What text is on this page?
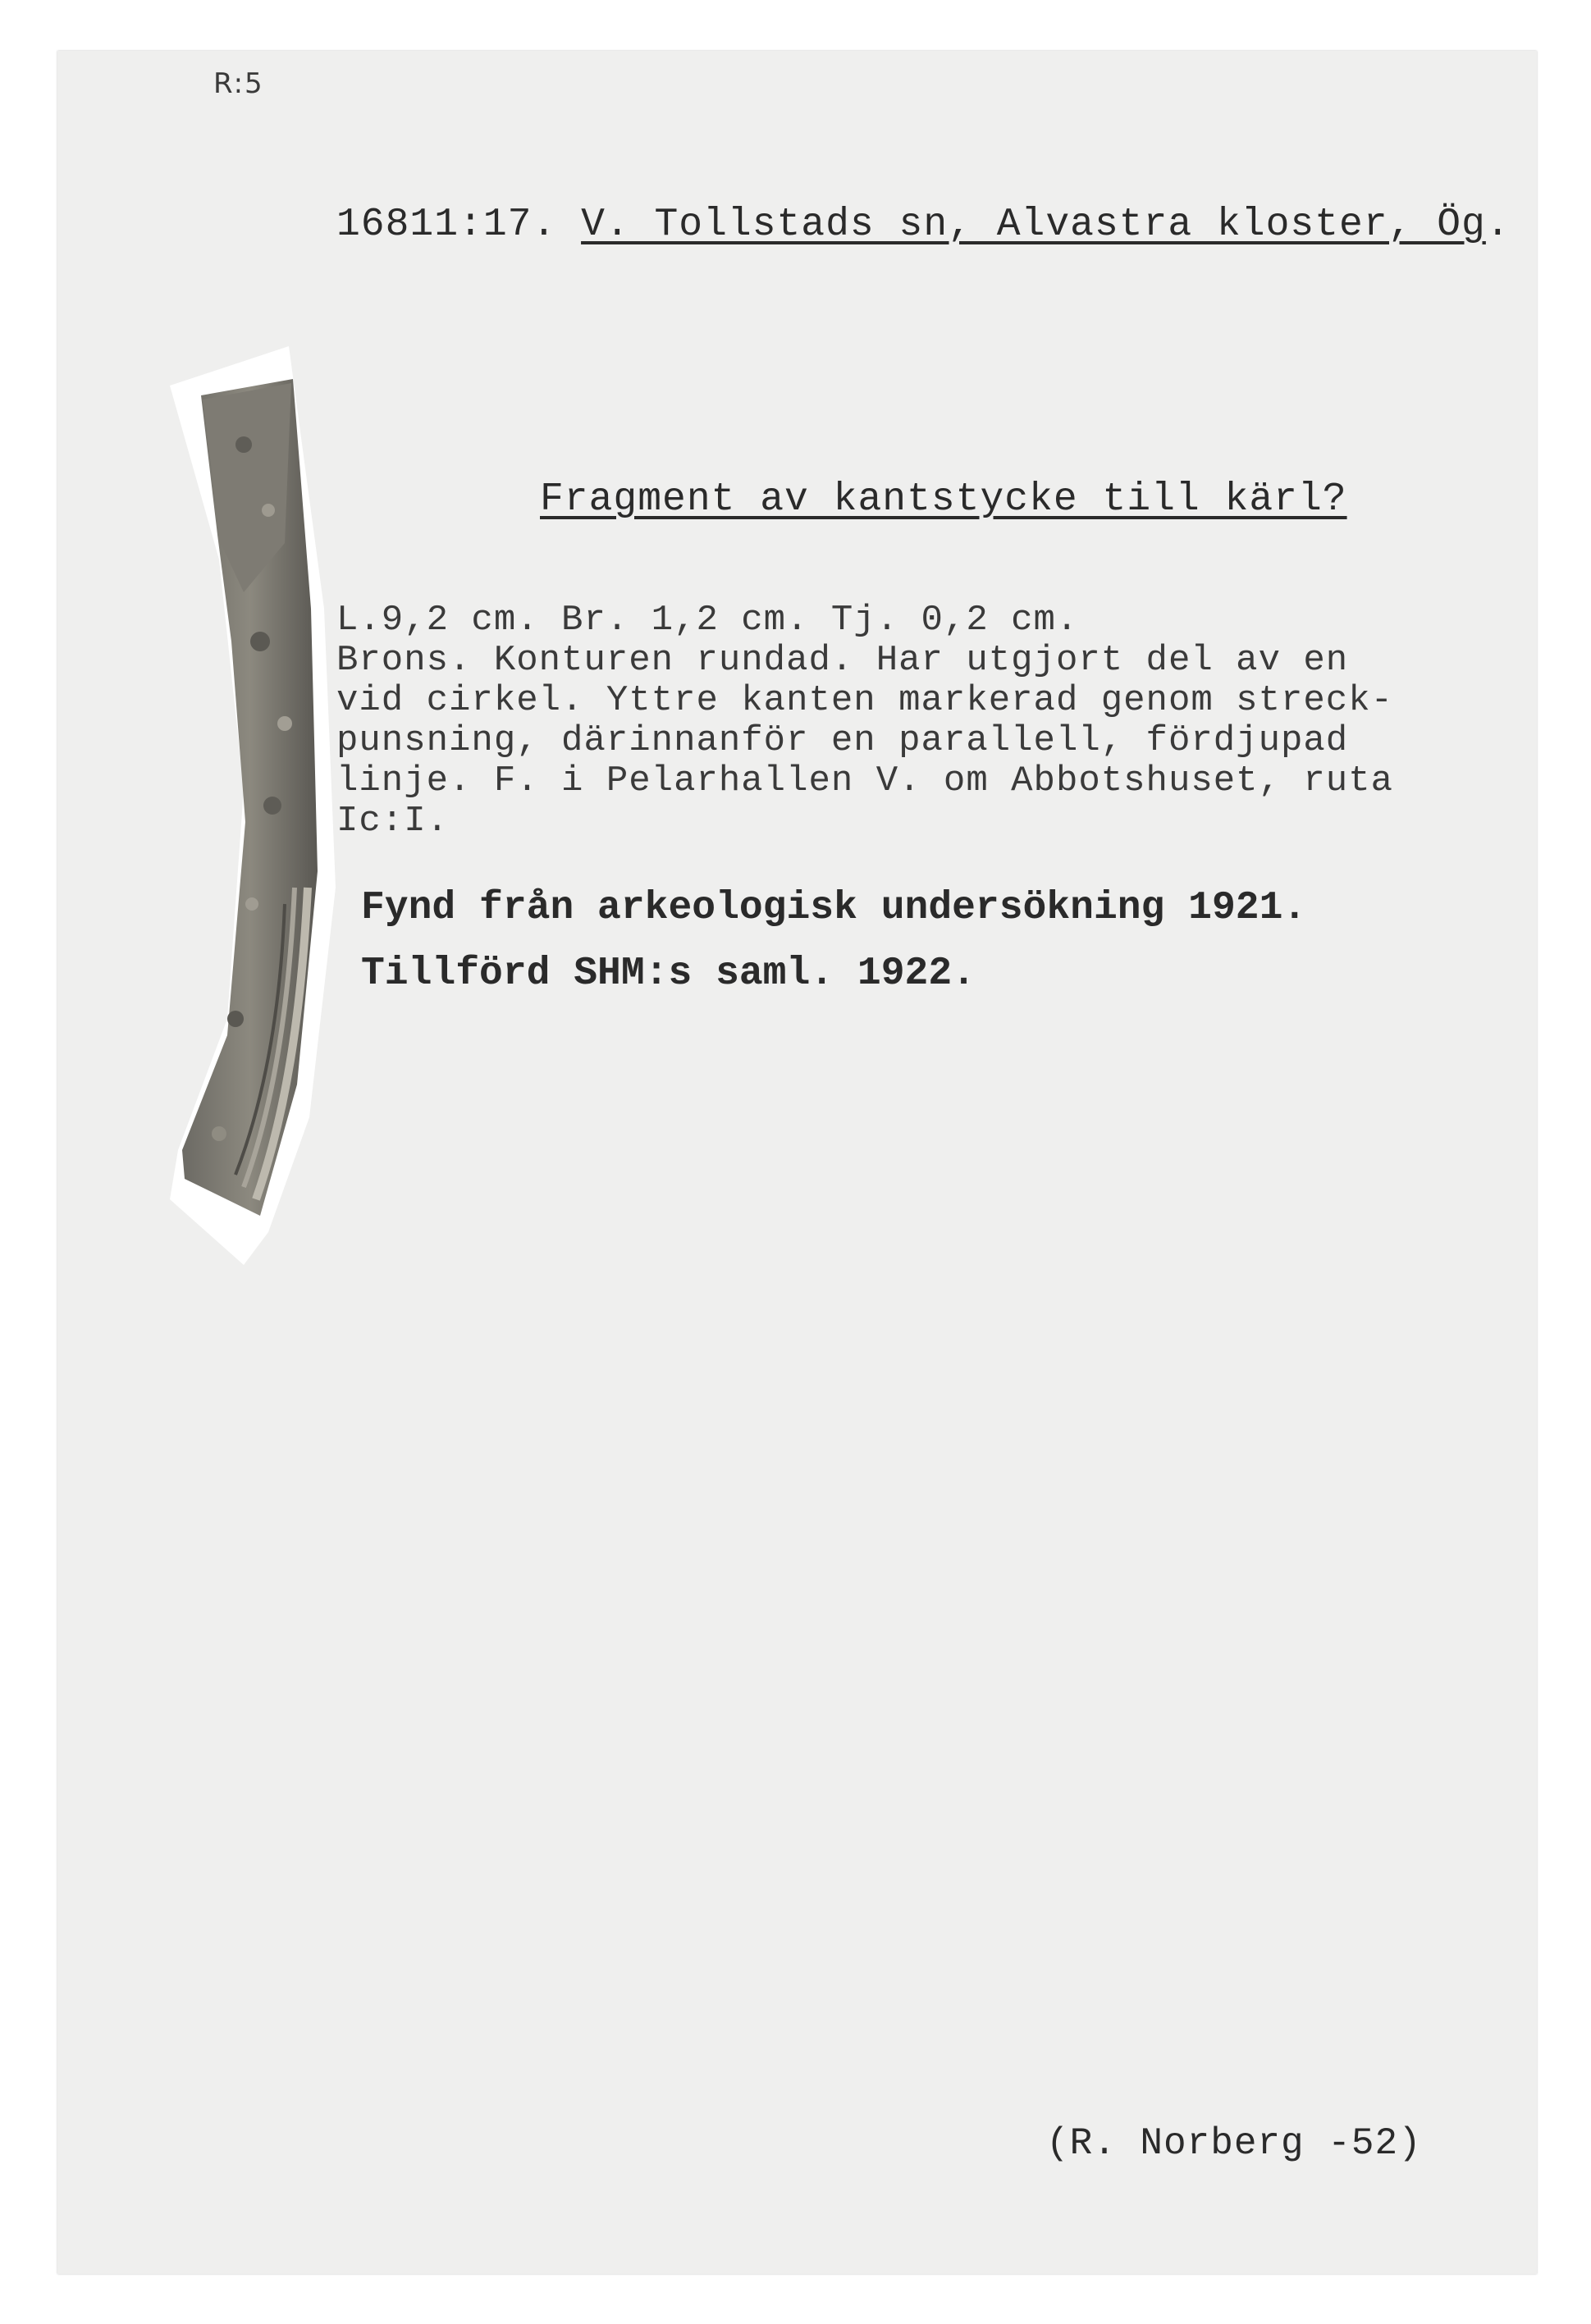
R:5
16811:17. V. Tollstads sn, Alvastra kloster, Ög.
Fragment av kantstycke till kärl?
L.9,2 cm. Br. 1,2 cm. Tj. 0,2 cm.
Brons. Konturen rundad. Har utgjort del av en
vid cirkel. Yttre kanten markerad genom streck-
punsning, därinnanför en parallell, fördjupad
linje. F. i Pelarhallen V. om Abbotshuset, ruta
Ic:I.
Fynd från arkeologisk undersökning 1921.
Tillförd SHM:s saml. 1922.
(R. Norberg -52)
